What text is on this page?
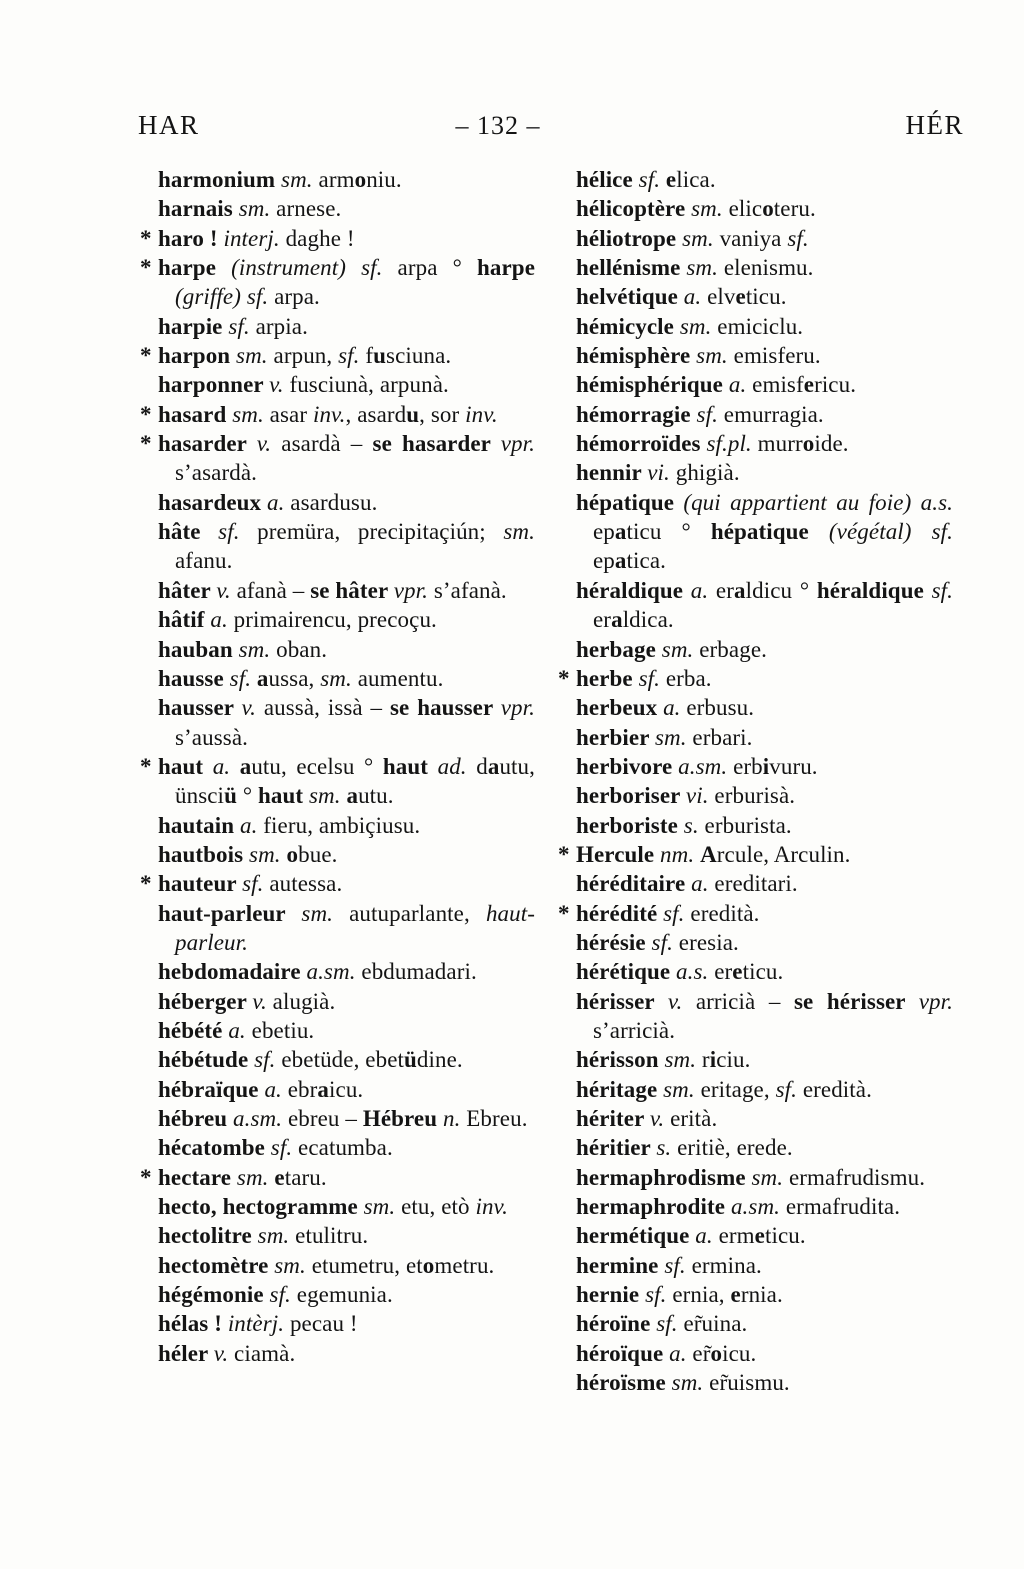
HAR	– 132 –	HÉR
harmonium sm. armoniu.
harnais sm. arnese.
* haro ! interj. daghe !
* harpe (instrument) sf. arpa ° harpe (griffe) sf. arpa.
harpie sf. arpia.
* harpon sm. arpun, sf. fusciuna.
harponner v. fusciunà, arpunà.
* hasard sm. asar inv., asardu, sor inv.
* hasarder v. asardà – se hasarder vpr. s’asardà.
hasardeux a. asardusu.
hâte sf. premüra, precipitaçiún; sm. afanu.
hâter v. afanà – se hâter vpr. s’afanà.
hâtif a. primairencu, precoçu.
hauban sm. oban.
hausse sf. aussa, sm. aumentu.
hausser v. aussà, issà – se hausser vpr. s’aussà.
* haut a. autu, ecelsu ° haut ad. dautu, ünsciü ° haut sm. autu.
hautain a. fieru, ambiçiusu.
hautbois sm. obue.
* hauteur sf. autessa.
haut-parleur sm. autuparlante, haut-parleur.
hebdomadaire a.sm. ebdumadari.
héberger v. alugià.
hébété a. ebetiu.
hébétude sf. ebetüde, ebetüdine.
hébraïque a. ebraicu.
hébreu a.sm. ebreu – Hébreu n. Ebreu.
hécatombe sf. ecatumba.
* hectare sm. etaru.
hecto, hectogramme sm. etu, etò inv.
hectolitre sm. etulitru.
hectomètre sm. etumetru, etometru.
hégémonie sf. egemunia.
hélas ! intèrj. pecau !
héler v. ciamà.
hélice sf. elica.
hélicoptère sm. elicoteru.
héliotrope sm. vaniya sf.
hellénisme sm. elenismu.
helvétique a. elveticu.
hémicycle sm. emiciclu.
hémisphère sm. emisferu.
hémisphérique a. emisfericu.
hémorragie sf. emurragia.
hémorroïdes sf.pl. murroide.
hennir vi. ghigià.
hépatique (qui appartient au foie) a.s. epaticu ° hépatique (végétal) sf. epatica.
héraldique a. eraldicu ° héraldique sf. eraldica.
herbage sm. erbage.
* herbe sf. erba.
herbeux a. erbusu.
herbier sm. erbari.
herbivore a.sm. erbivuru.
herboriser vi. erburisà.
herboriste s. erburista.
* Hercule nm. Arcule, Arculin.
héréditaire a. ereditari.
* hérédité sf. eredità.
hérésie sf. eresia.
hérétique a.s. ereticu.
hérisser v. arricià – se hérisser vpr. s’arricià.
hérisson sm. riciu.
héritage sm. eritage, sf. eredità.
hériter v. erità.
héritier s. eritiè, erede.
hermaphrodisme sm. ermafrudismu.
hermaphrodite a.sm. ermafrudita.
hermétique a. ermeticu.
hermine sf. ermina.
hernie sf. ernia, ernia.
héroïne sf. er̃uina.
héroïque a. er̃oicu.
héroïsme sm. er̃uismu.
